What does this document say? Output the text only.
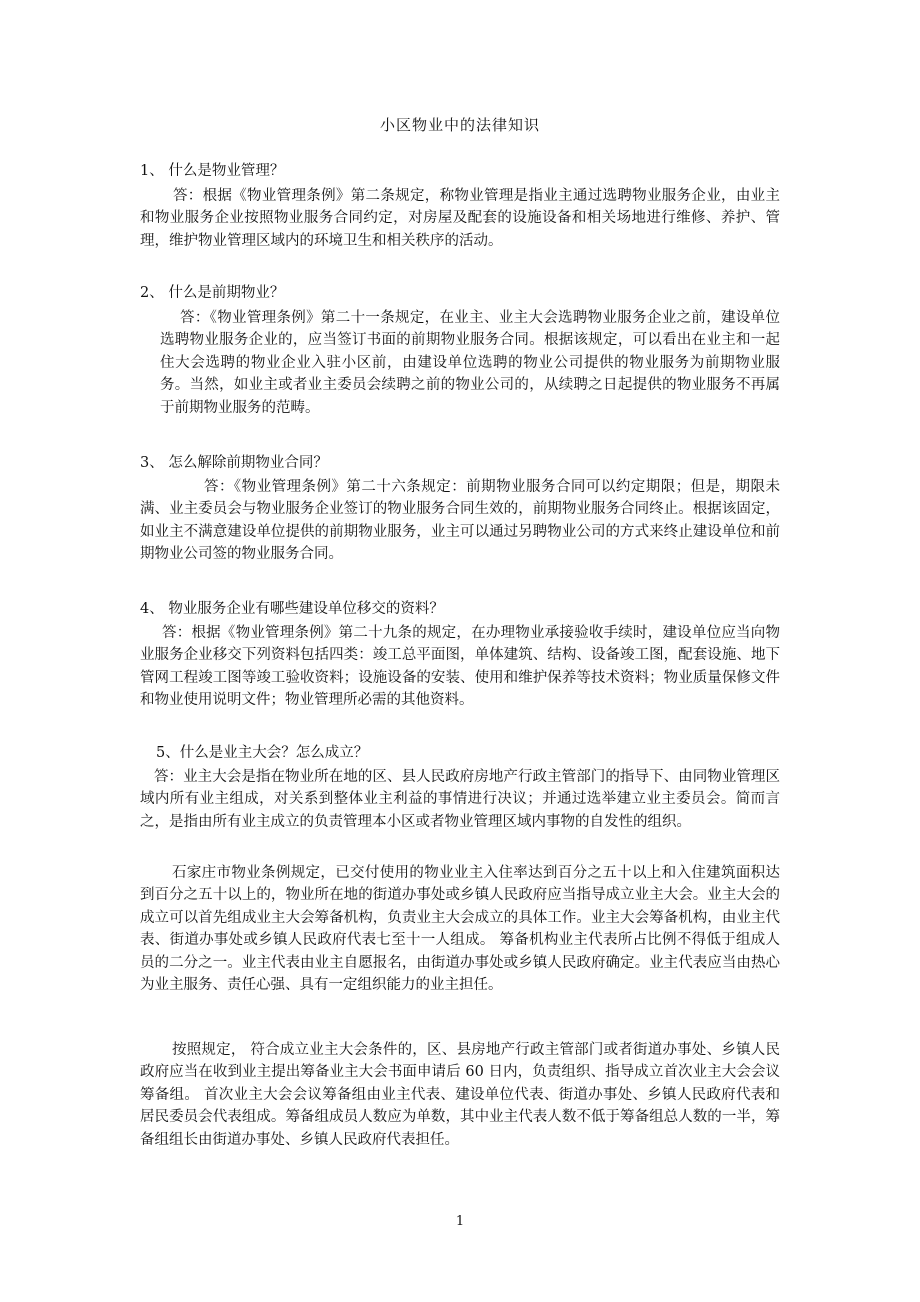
小区物业中的法律知识
1、 什么是物业管理？
答：根据《物业管理条例》第二条规定，称物业管理是指业主通过选聘物业服务企业，由业主和物业服务企业按照物业服务合同约定，对房屋及配套的设施设备和相关场地进行维修、养护、管理，维护物业管理区域内的环境卫生和相关秩序的活动。
2、 什么是前期物业？
答：《物业管理条例》第二十一条规定，在业主、业主大会选聘物业服务企业之前，建设单位选聘物业服务企业的，应当签订书面的前期物业服务合同。根据该规定，可以看出在业主和一起住大会选聘的物业企业入驻小区前，由建设单位选聘的物业公司提供的物业服务为前期物业服务。当然，如业主或者业主委员会续聘之前的物业公司的，从续聘之日起提供的物业服务不再属于前期物业服务的范畴。
3、 怎么解除前期物业合同？
答：《物业管理条例》第二十六条规定：前期物业服务合同可以约定期限；但是，期限未满、业主委员会与物业服务企业签订的物业服务合同生效的，前期物业服务合同终止。根据该固定，如业主不满意建设单位提供的前期物业服务，业主可以通过另聘物业公司的方式来终止建设单位和前期物业公司签的物业服务合同。
4、 物业服务企业有哪些建设单位移交的资料？
答：根据《物业管理条例》第二十九条的规定，在办理物业承接验收手续时，建设单位应当向物业服务企业移交下列资料包括四类：竣工总平面图，单体建筑、结构、设备竣工图，配套设施、地下管网工程竣工图等竣工验收资料；设施设备的安装、使用和维护保养等技术资料；物业质量保修文件和物业使用说明文件；物业管理所必需的其他资料。
5、什么是业主大会？怎么成立？
答：业主大会是指在物业所在地的区、县人民政府房地产行政主管部门的指导下、由同物业管理区域内所有业主组成，对关系到整体业主利益的事情进行决议；并通过选举建立业主委员会。简而言之，是指由所有业主成立的负责管理本小区或者物业管理区域内事物的自发性的组织。
石家庄市物业条例规定，已交付使用的物业业主入住率达到百分之五十以上和入住建筑面积达到百分之五十以上的，物业所在地的街道办事处或乡镇人民政府应当指导成立业主大会。业主大会的成立可以首先组成业主大会筹备机构，负责业主大会成立的具体工作。业主大会筹备机构，由业主代表、街道办事处或乡镇人民政府代表七至十一人组成。 筹备机构业主代表所占比例不得低于组成人员的二分之一。业主代表由业主自愿报名，由街道办事处或乡镇人民政府确定。业主代表应当由热心为业主服务、责任心强、具有一定组织能力的业主担任。
按照规定， 符合成立业主大会条件的，区、县房地产行政主管部门或者街道办事处、乡镇人民政府应当在收到业主提出筹备业主大会书面申请后 60 日内，负责组织、指导成立首次业主大会会议筹备组。 首次业主大会会议筹备组由业主代表、建设单位代表、街道办事处、乡镇人民政府代表和居民委员会代表组成。筹备组成员人数应为单数，其中业主代表人数不低于筹备组总人数的一半，筹备组组长由街道办事处、乡镇人民政府代表担任。
1
